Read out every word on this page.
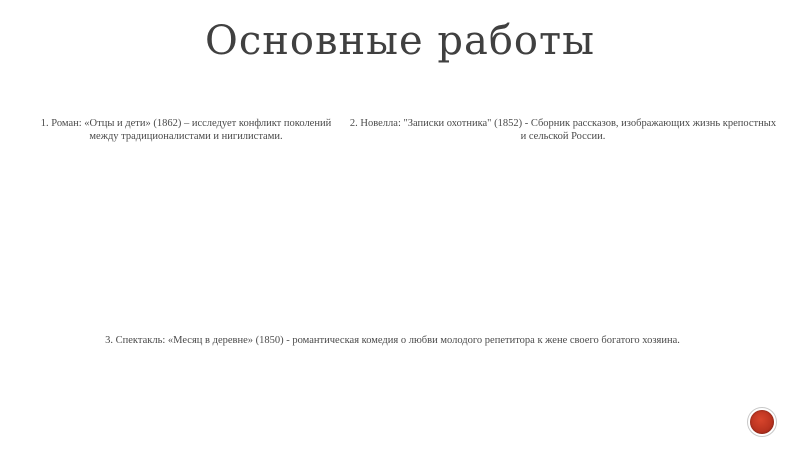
Основные работы
1. Роман: «Отцы и дети» (1862) – исследует конфликт поколений между традиционалистами и нигилистами.
2. Новелла: "Записки охотника" (1852) - Сборник рассказов, изображающих жизнь крепостных и сельской России.
3. Спектакль: «Месяц в деревне» (1850) - романтическая комедия о любви молодого репетитора к жене своего богатого хозяина.
